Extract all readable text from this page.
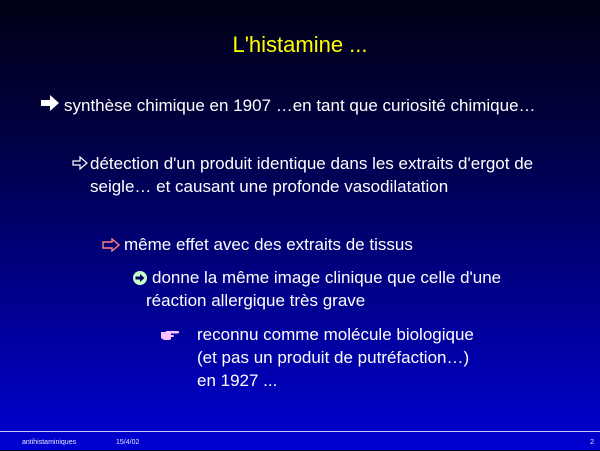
L'histamine ...
synthèse chimique en 1907 …en tant que curiosité chimique…
détection d'un produit identique dans les extraits d'ergot de seigle… et causant une profonde vasodilatation
même effet avec des extraits de tissus
donne la même image clinique que celle d'une
réaction allergique très grave
reconnu comme molécule biologique
(et pas un produit de putréfaction…)
en 1927 ...
antihistaminiques	15/4/02	2
